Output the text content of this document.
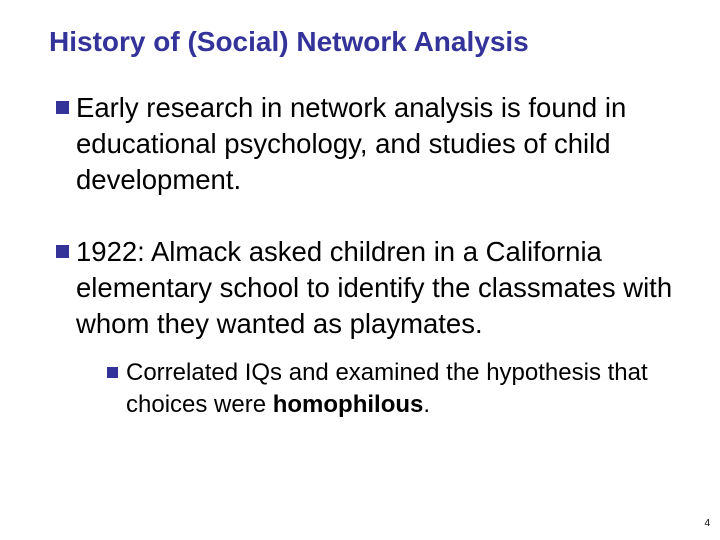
History of (Social) Network Analysis
Early research in network analysis is found in educational psychology, and studies of child development.
1922: Almack asked children in a California elementary school to identify the classmates with whom they wanted as playmates.
Correlated IQs and examined the hypothesis that choices were homophilous.
4
